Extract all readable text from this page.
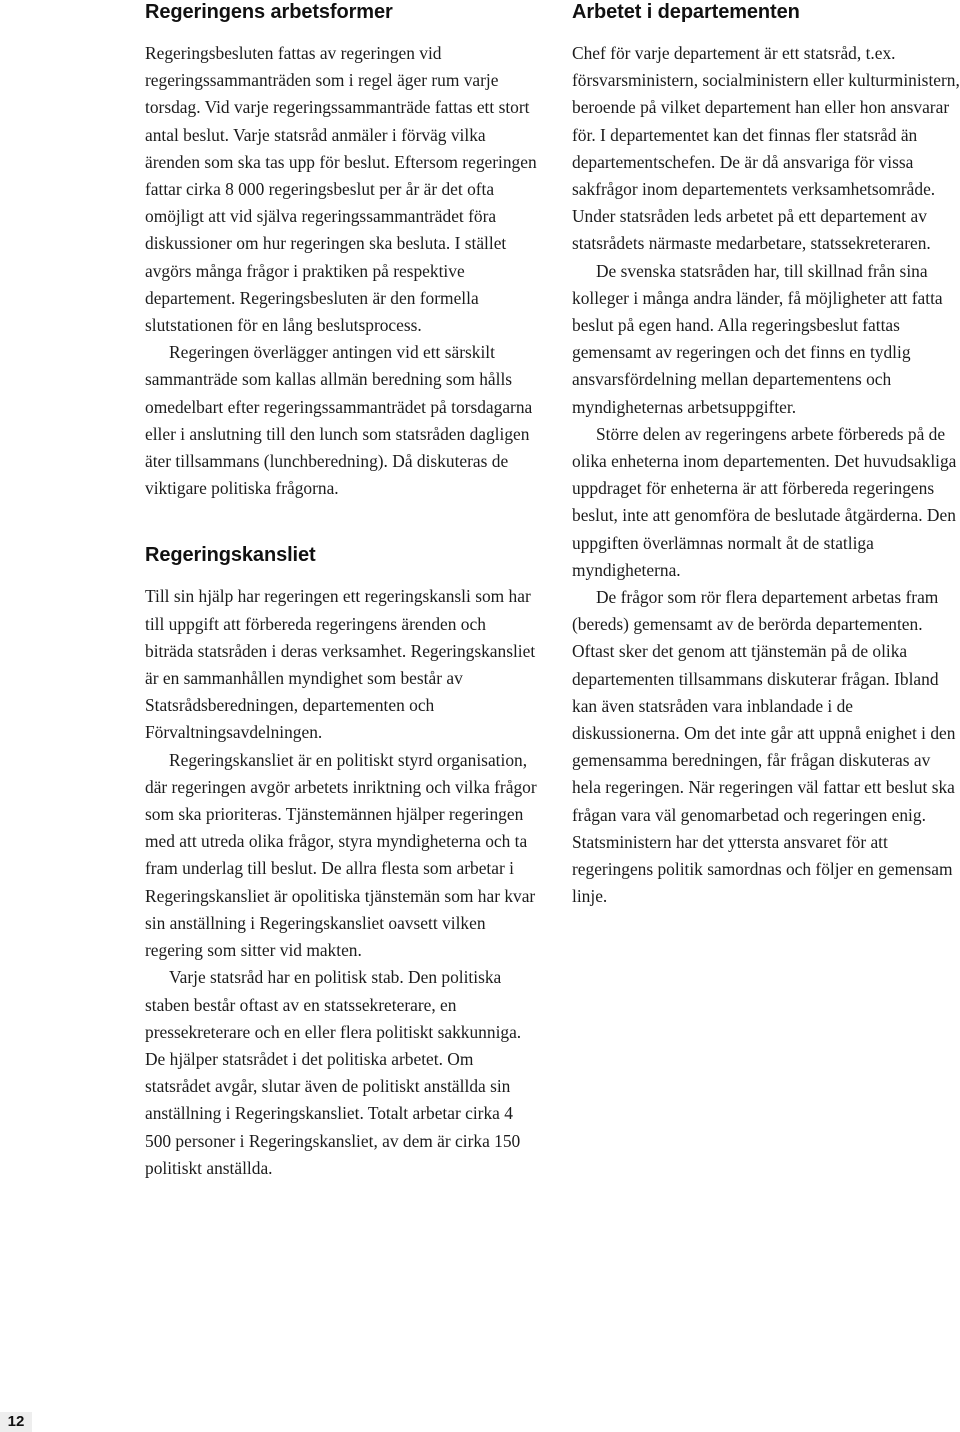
Regeringens arbetsformer

Regeringsbesluten fattas av regeringen vid regeringssammanträden som i regel äger rum varje torsdag. Vid varje regeringssammanträde fattas ett stort antal beslut. Varje statsråd anmäler i förväg vilka ärenden som ska tas upp för beslut. Eftersom regeringen fattar cirka 8 000 regeringsbeslut per år är det ofta omöjligt att vid själva regeringssammanträdet föra diskussioner om hur regeringen ska besluta. I stället avgörs många frågor i praktiken på respektive departement. Regeringsbesluten är den formella slutstationen för en lång beslutsprocess.

Regeringen överlägger antingen vid ett särskilt sammanträde som kallas allmän beredning som hålls omedelbart efter regeringssammanträdet på torsdagarna eller i anslutning till den lunch som statsråden dagligen äter tillsammans (lunchberedning). Då diskuteras de viktigare politiska frågorna.

Regeringskansliet

Till sin hjälp har regeringen ett regeringskansli som har till uppgift att förbereda regeringens ärenden och biträda statsråden i deras verksamhet. Regeringskansliet är en sammanhållen myndighet som består av Statsrådsberedningen, departementen och Förvaltningsavdelningen.

Regeringskansliet är en politiskt styrd organisation, där regeringen avgör arbetets inriktning och vilka frågor som ska prioriteras. Tjänstemännen hjälper regeringen med att utreda olika frågor, styra myndigheterna och ta fram underlag till beslut. De allra flesta som arbetar i Regeringskansliet är opolitiska tjänstemän som har kvar sin anställning i Regeringskansliet oavsett vilken regering som sitter vid makten.

Varje statsråd har en politisk stab. Den politiska staben består oftast av en statssekreterare, en pressekreterare och en eller flera politiskt sakkunniga. De hjälper statsrådet i det politiska arbetet. Om statsrådet avgår, slutar även de politiskt anställda sin anställning i Regeringskansliet. Totalt arbetar cirka 4 500 personer i Regeringskansliet, av dem är cirka 150 politiskt anställda.

Arbetet i departementen

Chef för varje departement är ett statsråd, t.ex. försvarsministern, socialministern eller kulturministern, beroende på vilket departement han eller hon ansvarar för. I departementet kan det finnas fler statsråd än departementschefen. De är då ansvariga för vissa sakfrågor inom departementets verksamhetsområde. Under statsråden leds arbetet på ett departement av statsrådets närmaste medarbetare, statssekreteraren.

De svenska statsråden har, till skillnad från sina kolleger i många andra länder, få möjligheter att fatta beslut på egen hand. Alla regeringsbeslut fattas gemensamt av regeringen och det finns en tydlig ansvarsfördelning mellan departementens och myndigheternas arbetsuppgifter.

Större delen av regeringens arbete förbereds på de olika enheterna inom departementen. Det huvudsakliga uppdraget för enheterna är att förbereda regeringens beslut, inte att genomföra de beslutade åtgärderna. Den uppgiften överlämnas normalt åt de statliga myndigheterna.

De frågor som rör flera departement arbetas fram (bereds) gemensamt av de berörda departementen. Oftast sker det genom att tjänstemän på de olika departementen tillsammans diskuterar frågan. Ibland kan även statsråden vara inblandade i de diskussionerna. Om det inte går att uppnå enighet i den gemensamma beredningen, får frågan diskuteras av hela regeringen. När regeringen väl fattar ett beslut ska frågan vara väl genomarbetad och regeringen enig. Statsministern har det yttersta ansvaret för att regeringens politik samordnas och följer en gemensam linje.

12
